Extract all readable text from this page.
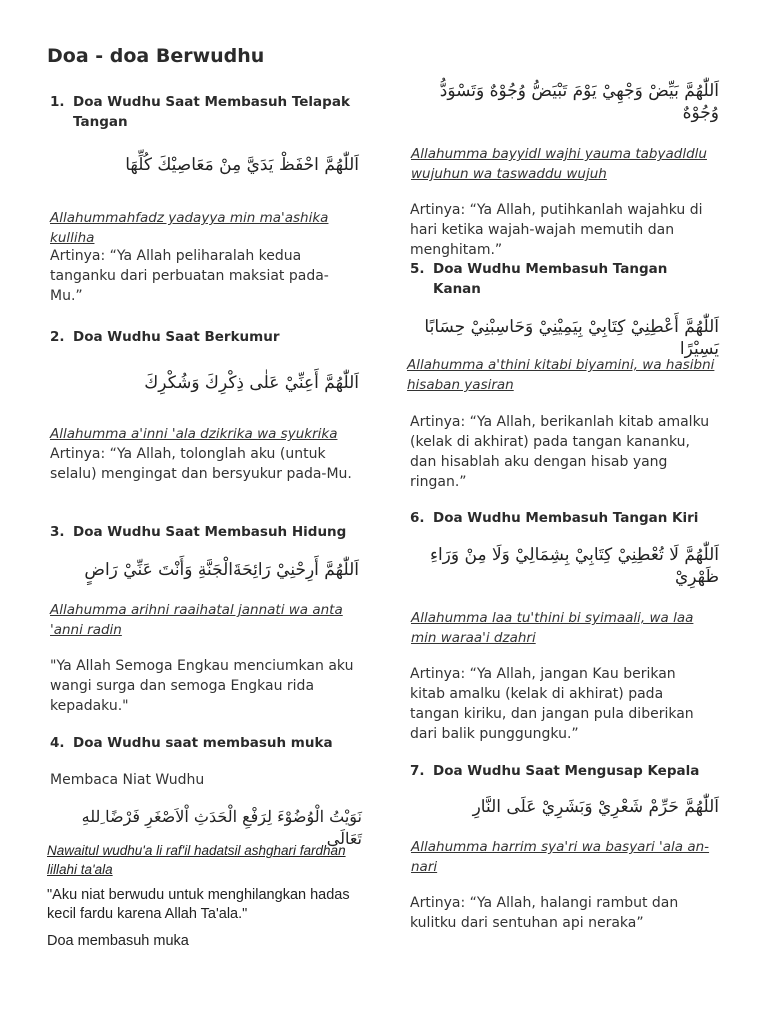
Doa - doa Berwudhu
1. Doa Wudhu Saat Membasuh Telapak Tangan
اَللّٰهُمَّ احْفَظْ يَدَيَّ مِنْ مَعَاصِيْكَ كُلِّهَا
Allahummahfadz yadayya min ma'ashika kulliha
Artinya: “Ya Allah peliharalah kedua tanganku dari perbuatan maksiat pada-Mu.”
2. Doa Wudhu Saat Berkumur
اَللّٰهُمَّ أَعِنِّيْ عَلٰى ذِكْرِكَ وَشُكْرِكَ
Allahumma a'inni 'ala dzikrika wa syukrika
Artinya: “Ya Allah, tolonglah aku (untuk selalu) mengingat dan bersyukur pada-Mu.
3. Doa Wudhu Saat Membasuh Hidung
اَللّٰهُمَّ أَرِحْنِيْ رَائِحَةَالْجَنَّةِ وَأَنْتَ عَنِّيْ رَاضٍ
Allahumma arihni raaihatal jannati wa anta 'anni radin
"Ya Allah Semoga Engkau menciumkan aku wangi surga dan semoga Engkau rida kepadaku."
4. Doa Wudhu saat membasuh muka
Membaca Niat Wudhu
نَوَيْتُ الْوُضُوْءَ لِرَفْعِ الْحَدَثِ اْلاَصْغَرِ فَرْضًا ِللهِ تَعَالَى
Nawaitul wudhu'a li raf'il hadatsil ashghari fardhan lillahi ta'ala
"Aku niat berwudu untuk menghilangkan hadas kecil fardu karena Allah Ta'ala."
Doa membasuh muka
اَللّٰهُمَّ بَيِّضْ وَجْهِيْ يَوْمَ تَبْيَضُّ وُجُوْهٌ وَتَسْوَدُّ وُجُوْهٌ
Allahumma bayyidl wajhi yauma tabyadldlu wujuhun wa taswaddu wujuh
Artinya: “Ya Allah, putihkanlah wajahku di hari ketika wajah-wajah memutih dan menghitam.”
5. Doa Wudhu Membasuh Tangan Kanan
اَللّٰهُمَّ أَعْطِنِيْ كِتَابِيْ بِيَمِيْنِيْ وَحَاسِبْنِيْ حِسَابًا يَسِيْرًا
Allahumma a'thini kitabi biyamini, wa hasibni hisaban yasiran
Artinya: “Ya Allah, berikanlah kitab amalku (kelak di akhirat) pada tangan kananku, dan hisablah aku dengan hisab yang ringan.”
6. Doa Wudhu Membasuh Tangan Kiri
اَللّٰهُمَّ لَا تُعْطِنِيْ كِتَابِيْ بِشِمَالِيْ وَلَا مِنْ وَرَاءِ ظَهْرِيْ
Allahumma laa tu'thini bi syimaali, wa laa min waraa'i dzahri
Artinya: “Ya Allah, jangan Kau berikan kitab amalku (kelak di akhirat) pada tangan kiriku, dan jangan pula diberikan dari balik punggungku.”
7. Doa Wudhu Saat Mengusap Kepala
اَللّٰهُمَّ حَرِّمْ شَعْرِيْ وَبَشَرِيْ عَلَى النَّارِ
Allahumma harrim sya'ri wa basyari 'ala an-nari
Artinya: “Ya Allah, halangi rambut dan kulitku dari sentuhan api neraka”
